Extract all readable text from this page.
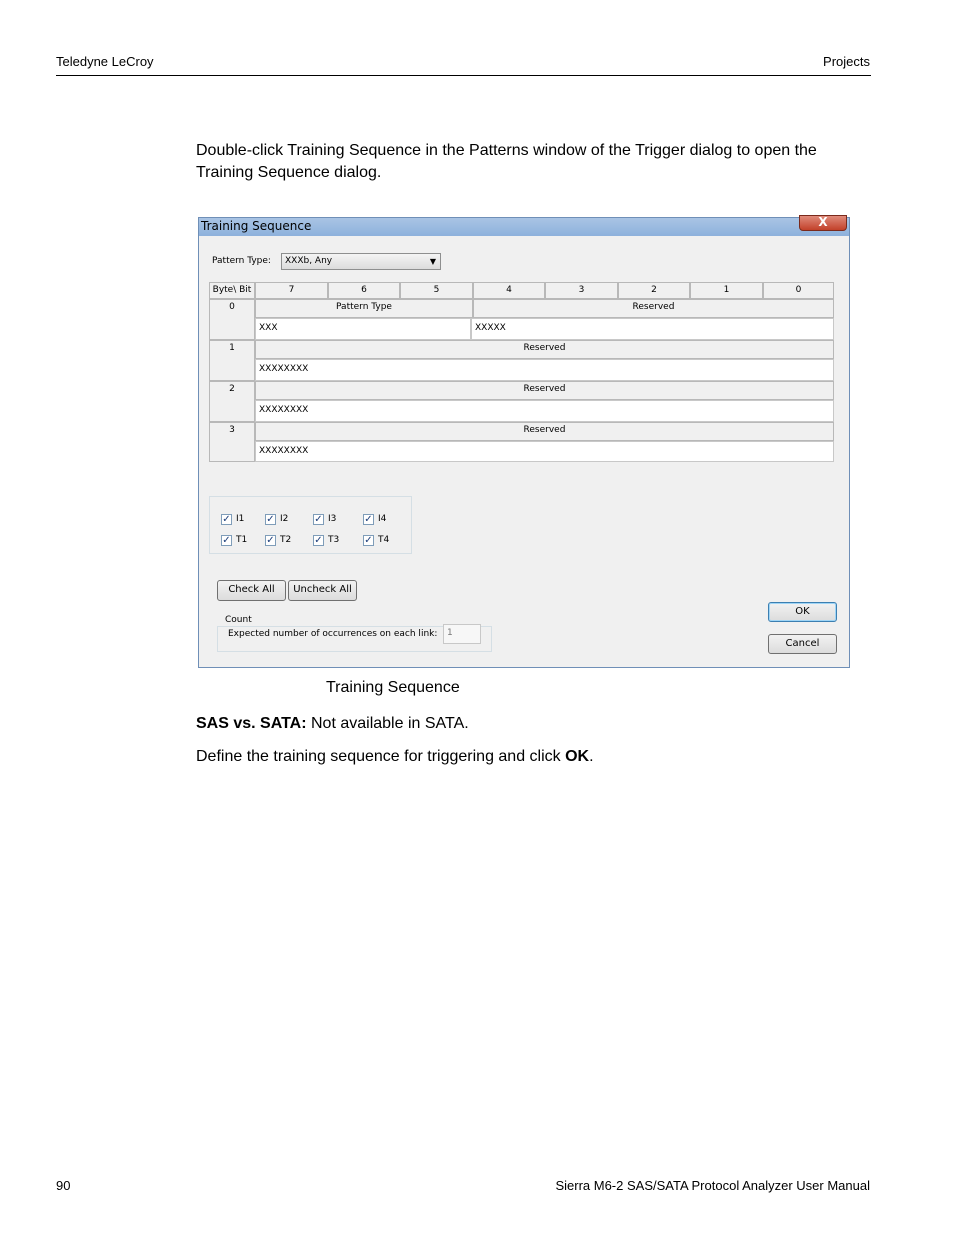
Teledyne LeCroy	Projects
Double-click Training Sequence in the Patterns window of the Trigger dialog to open the Training Sequence dialog.
Training Sequence	X
Pattern Type:	XXXb, Any	▼
Byte\ Bit	7	6	5	4	3	2	1	0
0	Pattern Type	Reserved
XXX	XXXXX
1	Reserved
XXXXXXXX
2	Reserved
XXXXXXXX
3	Reserved
XXXXXXXX
✓ I1 ✓ I2	✓ I3	✓ I4
✓ T1 ✓ T2 ✓ T3	✓ T4
Check All	Uncheck All
Count
Expected number of occurrences on each link:	1
OK
Cancel
Training Sequence
SAS vs. SATA: Not available in SATA.
Define the training sequence for triggering and click OK.
90	Sierra M6-2 SAS/SATA Protocol Analyzer User Manual
